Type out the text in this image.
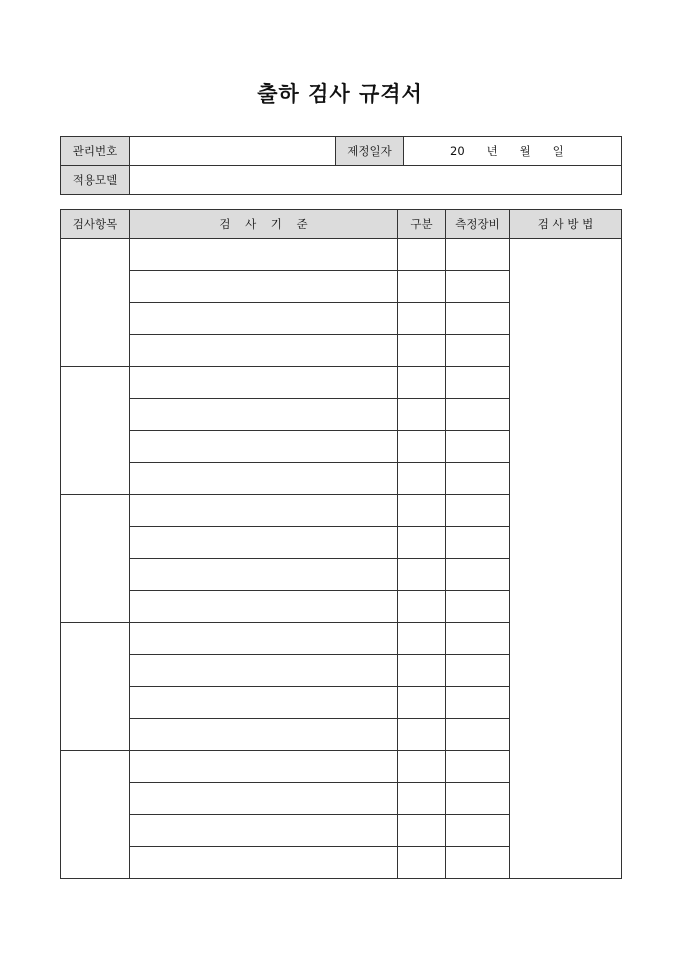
출하 검사 규격서
관리번호		제정일자	20      년      월      일
적용모델			
검사항목	검    사    기    준	구분	측정장비	검 사 방 법
